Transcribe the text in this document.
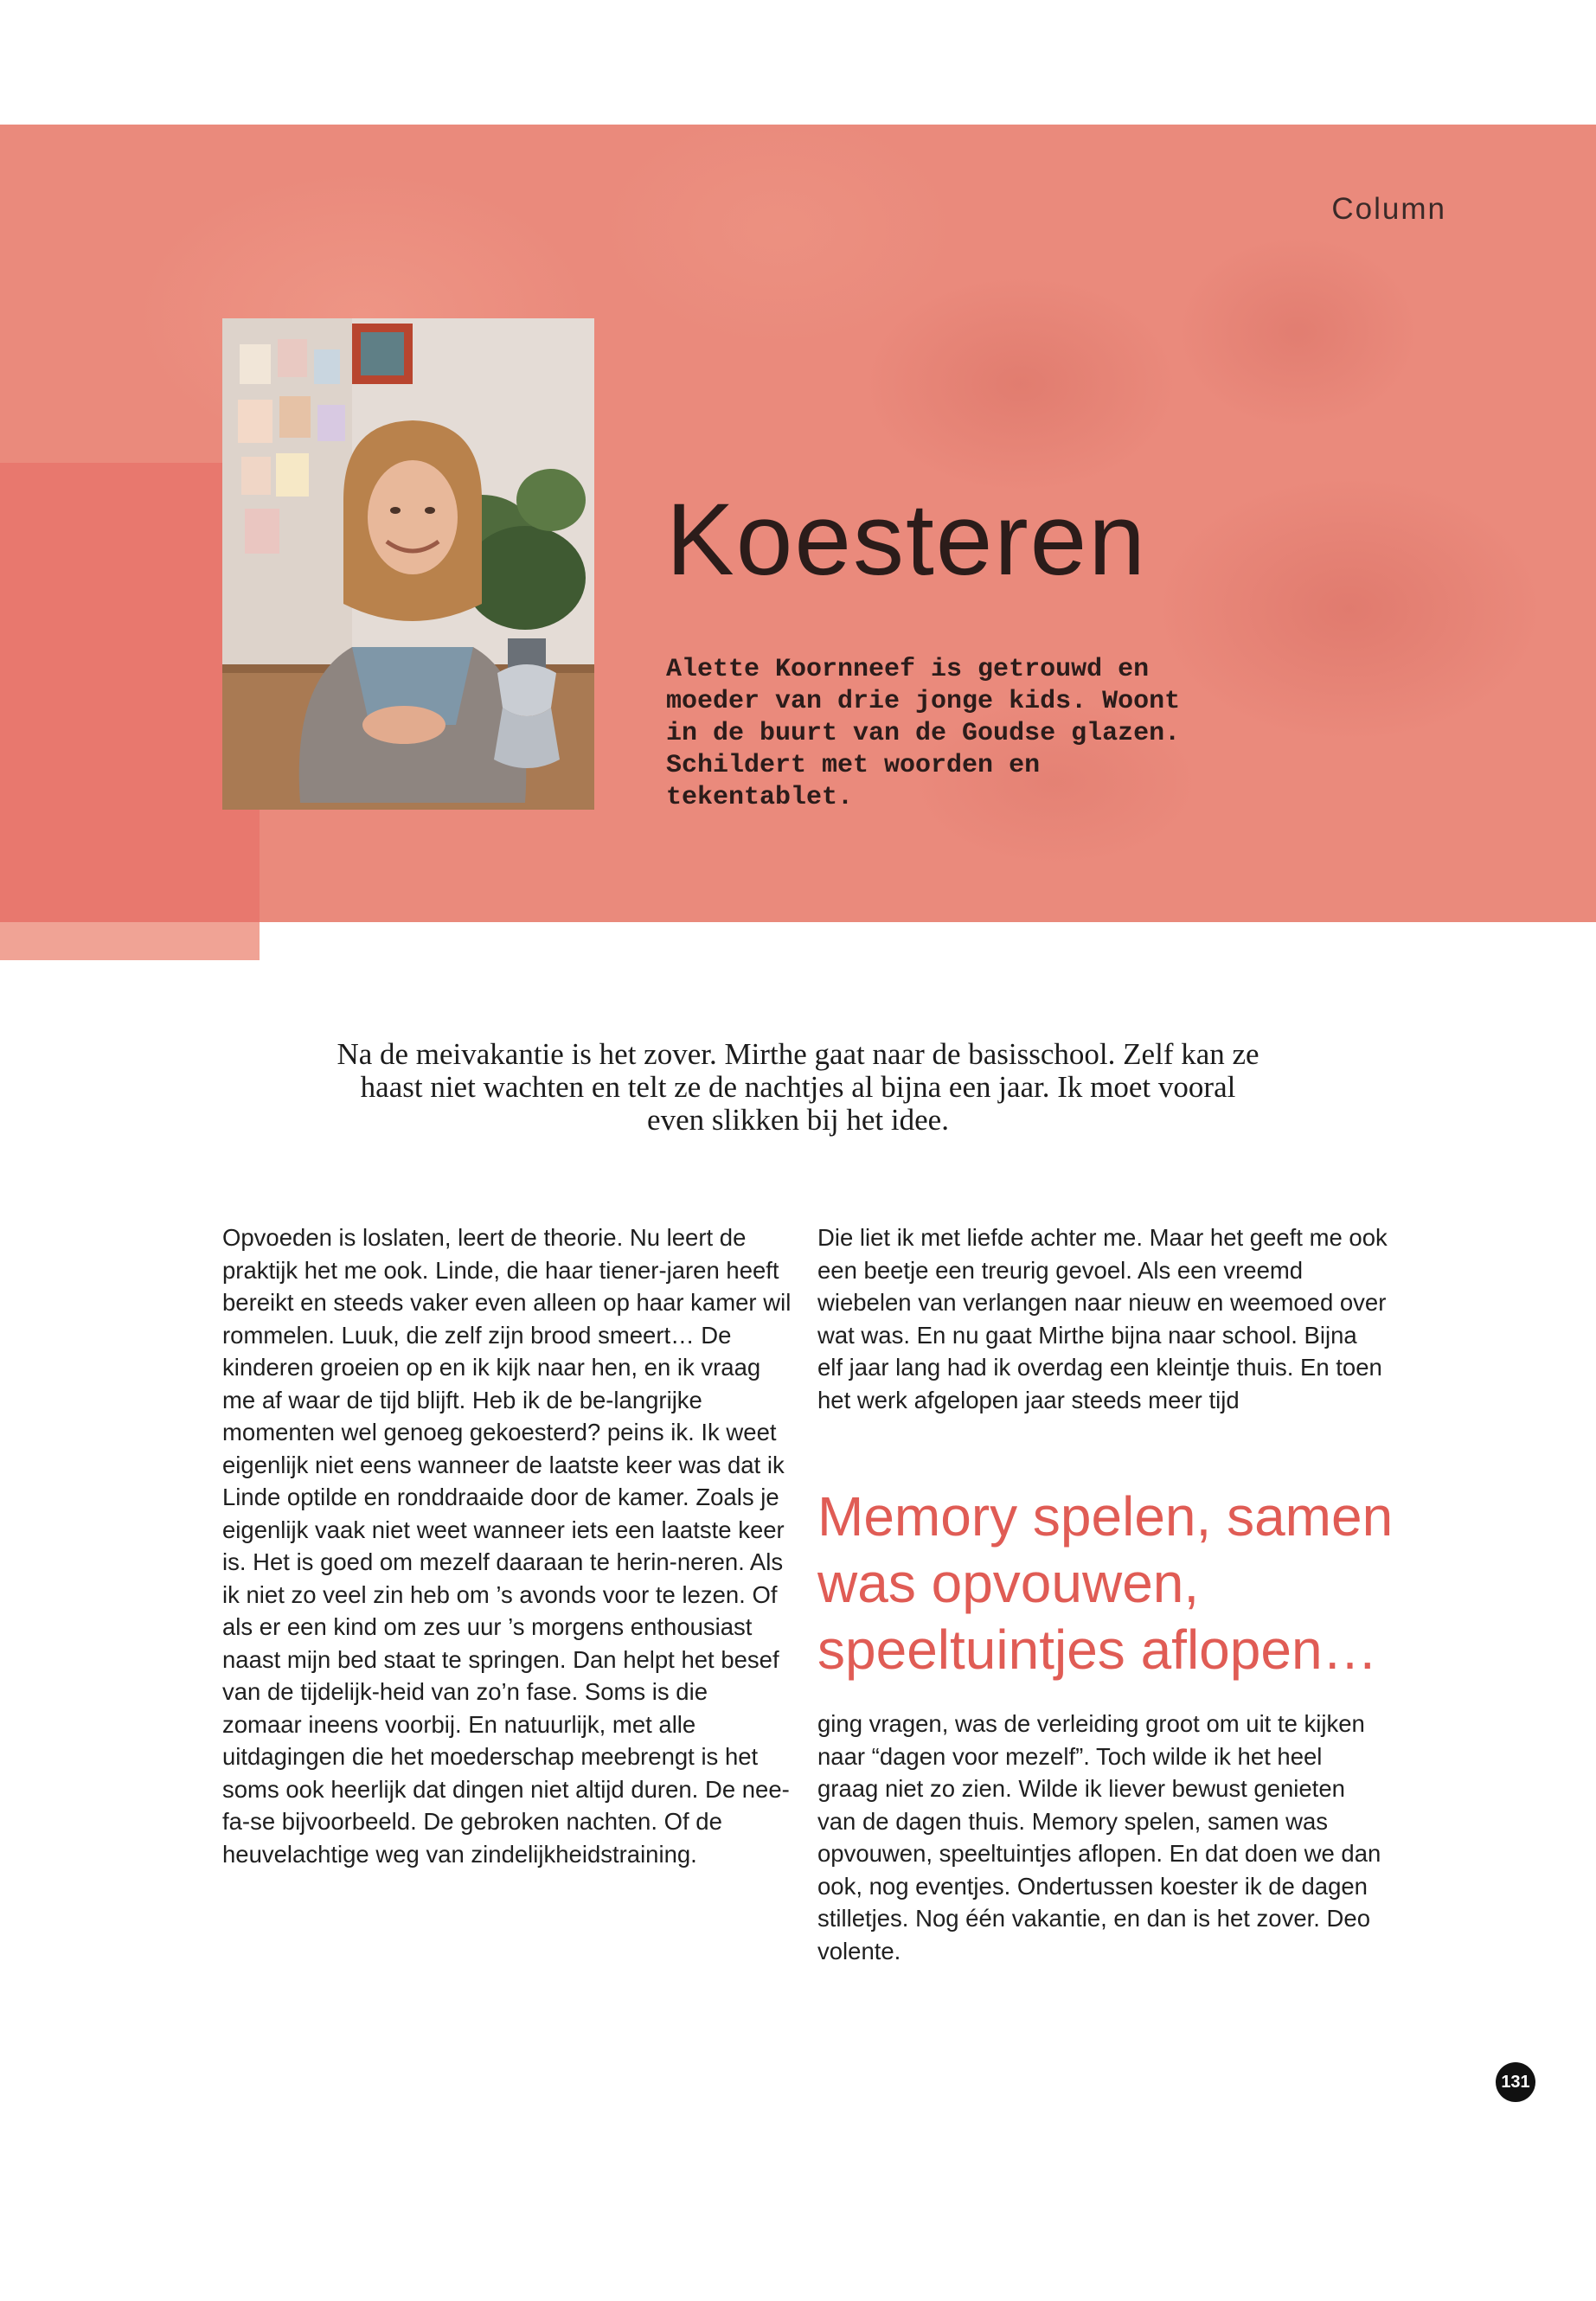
Column
Koesteren

Alette Koornneef is getrouwd en moeder van drie jonge kids. Woont in de buurt van de Goudse glazen. Schildert met woorden en tekentablet.

Na de meivakantie is het zover. Mirthe gaat naar de basisschool. Zelf kan ze haast niet wachten en telt ze de nachtjes al bijna een jaar. Ik moet vooral even slikken bij het idee.

Opvoeden is loslaten, leert de theorie. Nu leert de praktijk het me ook. Linde, die haar tiener-jaren heeft bereikt en steeds vaker even alleen op haar kamer wil rommelen. Luuk, die zelf zijn brood smeert… De kinderen groeien op en ik kijk naar hen, en ik vraag me af waar de tijd blijft. Heb ik de be-langrijke momenten wel genoeg gekoesterd? peins ik. Ik weet eigenlijk niet eens wanneer de laatste keer was dat ik Linde optilde en ronddraaide door de kamer. Zoals je eigenlijk vaak niet weet wanneer iets een laatste keer is. Het is goed om mezelf daaraan te herin-neren. Als ik niet zo veel zin heb om ’s avonds voor te lezen. Of als er een kind om zes uur ’s morgens enthousiast naast mijn bed staat te springen. Dan helpt het besef van de tijdelijk-heid van zo’n fase. Soms is die zomaar ineens voorbij. En natuurlijk, met alle uitdagingen die het moederschap meebrengt is het soms ook heerlijk dat dingen niet altijd duren. De nee-fa-se bijvoorbeeld. De gebroken nachten. Of de heuvelachtige weg van zindelijkheidstraining.

Die liet ik met liefde achter me. Maar het geeft me ook een beetje een treurig gevoel. Als een vreemd wiebelen van verlangen naar nieuw en weemoed over wat was. En nu gaat Mirthe bijna naar school. Bijna elf jaar lang had ik overdag een kleintje thuis. En toen het werk afgelopen jaar steeds meer tijd

Memory spelen, samen was opvouwen, speeltuintjes aflopen…

ging vragen, was de verleiding groot om uit te kijken naar “dagen voor mezelf”. Toch wilde ik het heel graag niet zo zien. Wilde ik liever bewust genieten van de dagen thuis. Memory spelen, samen was opvouwen, speeltuintjes aflopen. En dat doen we dan ook, nog eventjes. Ondertussen koester ik de dagen stilletjes. Nog één vakantie, en dan is het zover. Deo volente.

131
